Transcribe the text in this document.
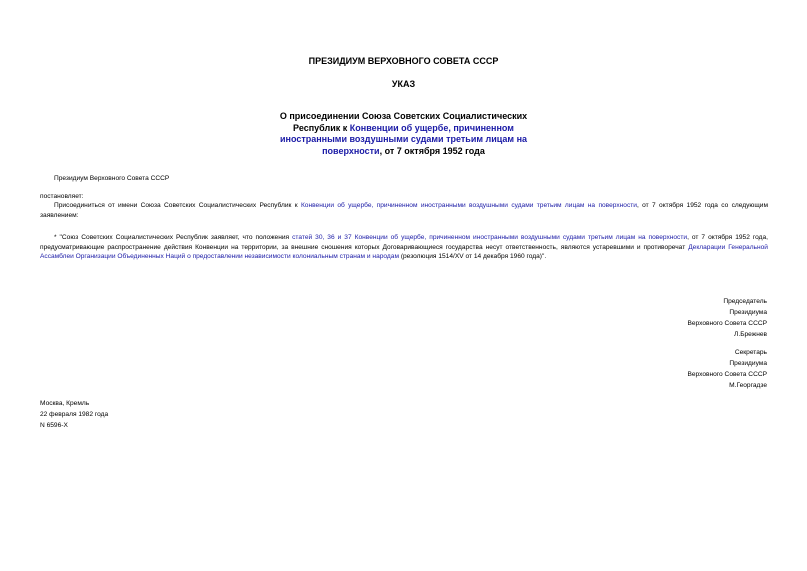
ПРЕЗИДИУМ ВЕРХОВНОГО СОВЕТА СССР
УКАЗ
О присоединении Союза Советских Социалистических Республик к Конвенции об ущербе, причиненном иностранными воздушными судами третьим лицам на поверхности, от 7 октября 1952 года
Президиум Верховного Совета СССР
постановляет:
Присоединиться от имени Союза Советских Социалистических Республик к Конвенции об ущербе, причиненном иностранными воздушными судами третьим лицам на поверхности, от 7 октября 1952 года со следующим заявлением:
* "Союз Советских Социалистических Республик заявляет, что положения статей 30, 36 и 37 Конвенции об ущербе, причиненном иностранными воздушными судами третьим лицам на поверхности, от 7 октября 1952 года, предусматривающие распространение действия Конвенции на территории, за внешние сношения которых Договаривающиеся государства несут ответственность, являются устаревшими и противоречат Декларации Генеральной Ассамблеи Организации Объединенных Наций о предоставлении независимости колониальным странам и народам (резолюция 1514/XV от 14 декабря 1960 года)".
Председатель
Президиума
Верховного Совета СССР
Л.Брежнев
Секретарь
Президиума
Верховного Совета СССР
М.Георгадзе
Москва, Кремль
22 февраля 1982 года
N 6596-X
